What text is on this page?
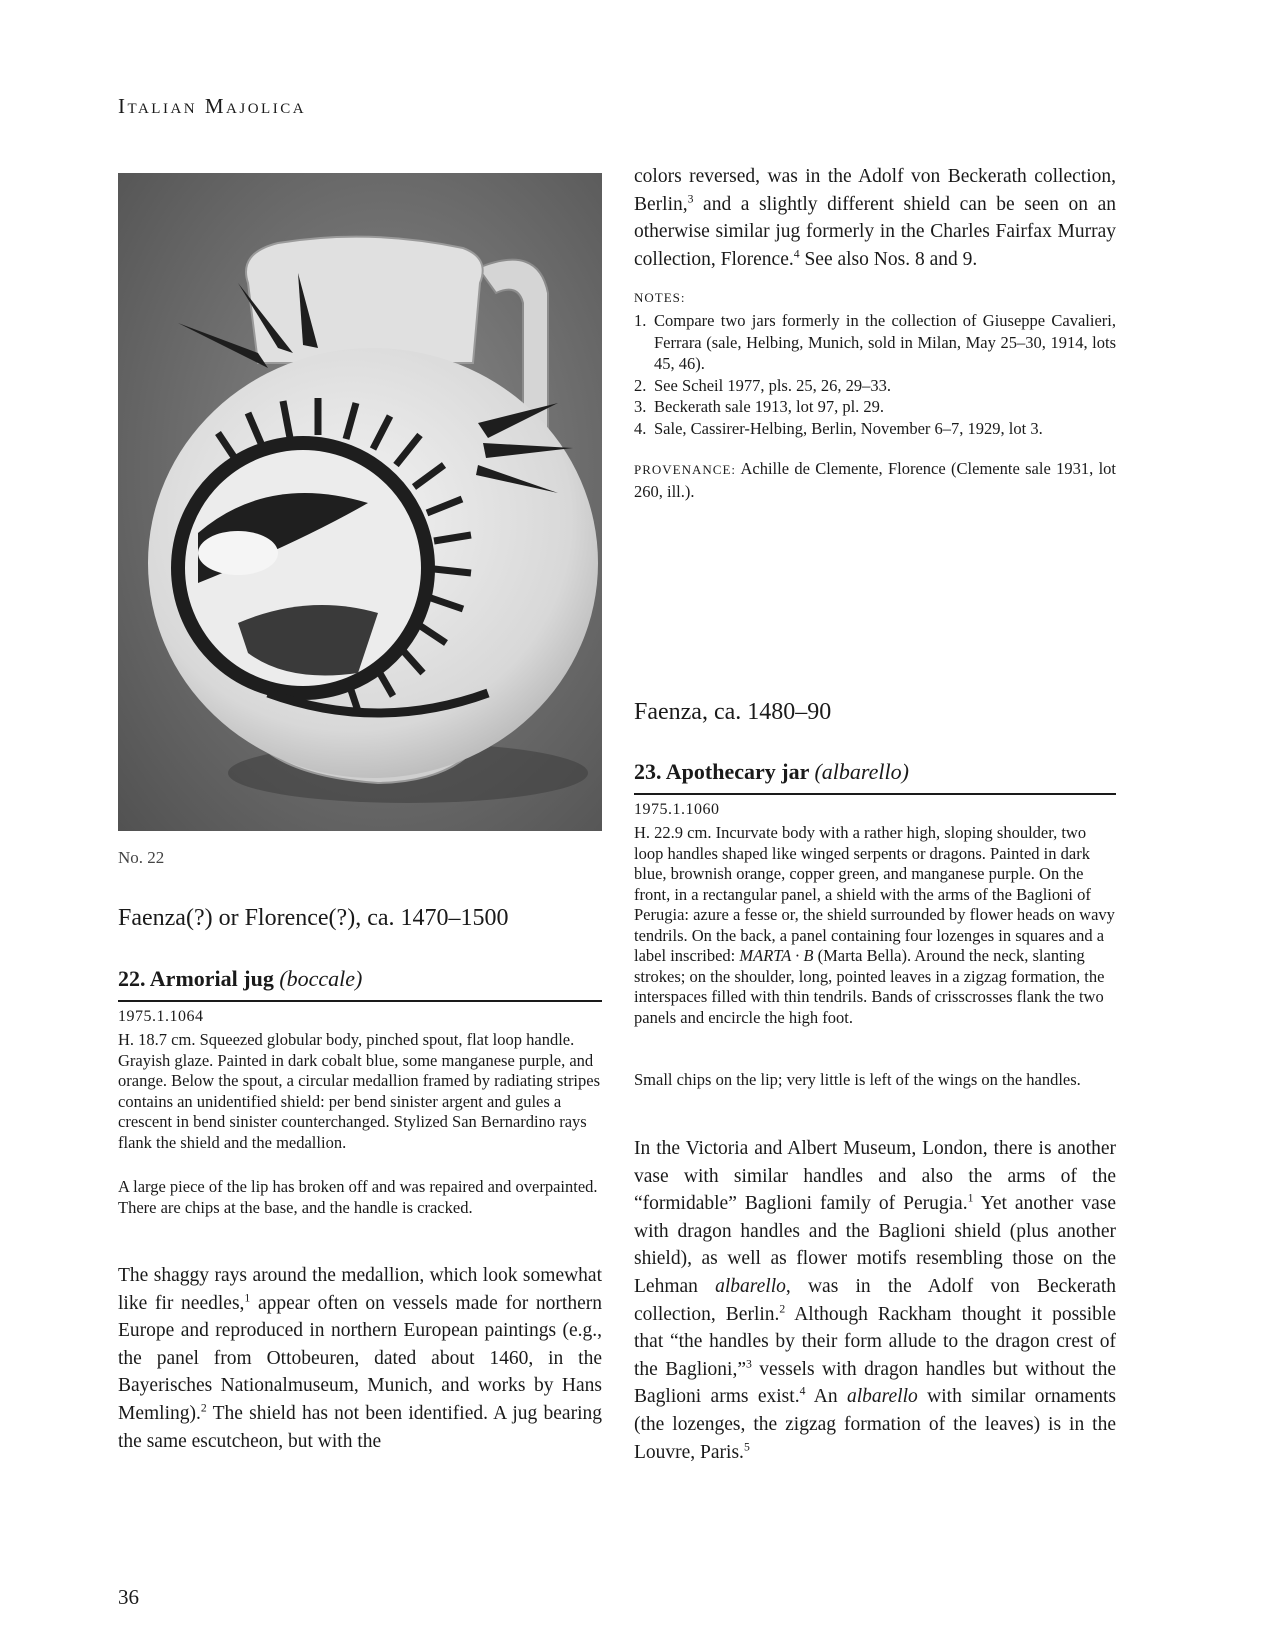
Italian Majolica
No. 22
Faenza(?) or Florence(?), ca. 1470–1500
22. Armorial jug (boccale)
1975.1.1064

H. 18.7 cm. Squeezed globular body, pinched spout, flat loop handle. Grayish glaze. Painted in dark cobalt blue, some manganese purple, and orange. Below the spout, a circular medallion framed by radiating stripes contains an unidentified shield: per bend sinister argent and gules a crescent in bend sinister counterchanged. Stylized San Bernardino rays flank the shield and the medallion.

A large piece of the lip has broken off and was repaired and overpainted. There are chips at the base, and the handle is cracked.

The shaggy rays around the medallion, which look somewhat like fir needles,$^1$ appear often on vessels made for northern Europe and reproduced in northern European paintings (e.g., the panel from Ottobeuren, dated about 1460, in the Bayerisches Nationalmuseum, Munich, and works by Hans Memling).$^2$ The shield has not been identified. A jug bearing the same escutcheon, but with the

colors reversed, was in the Adolf von Beckerath collection, Berlin,$^3$ and a slightly different shield can be seen on an otherwise similar jug formerly in the Charles Fairfax Murray collection, Florence.$^4$ See also Nos. 8 and 9.

NOTES:
1. Compare two jars formerly in the collection of Giuseppe Cavalieri, Ferrara (sale, Helbing, Munich, sold in Milan, May 25–30, 1914, lots 45, 46).
2. See Scheil 1977, pls. 25, 26, 29–33.
3. Beckerath sale 1913, lot 97, pl. 29.
4. Sale, Cassirer-Helbing, Berlin, November 6–7, 1929, lot 3.

PROVENANCE: Achille de Clemente, Florence (Clemente sale 1931, lot 260, ill.).

Faenza, ca. 1480–90
23. Apothecary jar (albarello)
1975.1.1060

H. 22.9 cm. Incurvate body with a rather high, sloping shoulder, two loop handles shaped like winged serpents or dragons. Painted in dark blue, brownish orange, copper green, and manganese purple. On the front, in a rectangular panel, a shield with the arms of the Baglioni of Perugia: azure a fesse or, the shield surrounded by flower heads on wavy tendrils. On the back, a panel containing four lozenges in squares and a label inscribed: MARTA · B (Marta Bella). Around the neck, slanting strokes; on the shoulder, long, pointed leaves in a zigzag formation, the interspaces filled with thin tendrils. Bands of crisscrosses flank the two panels and encircle the high foot.

Small chips on the lip; very little is left of the wings on the handles.

In the Victoria and Albert Museum, London, there is another vase with similar handles and also the arms of the “formidable” Baglioni family of Perugia.$^1$ Yet another vase with dragon handles and the Baglioni shield (plus another shield), as well as flower motifs resembling those on the Lehman albarello, was in the Adolf von Beckerath collection, Berlin.$^2$ Although Rackham thought it possible that “the handles by their form allude to the dragon crest of the Baglioni,”$^3$ vessels with dragon handles but without the Baglioni arms exist.$^4$ An albarello with similar ornaments (the lozenges, the zigzag formation of the leaves) is in the Louvre, Paris.$^5$

36
